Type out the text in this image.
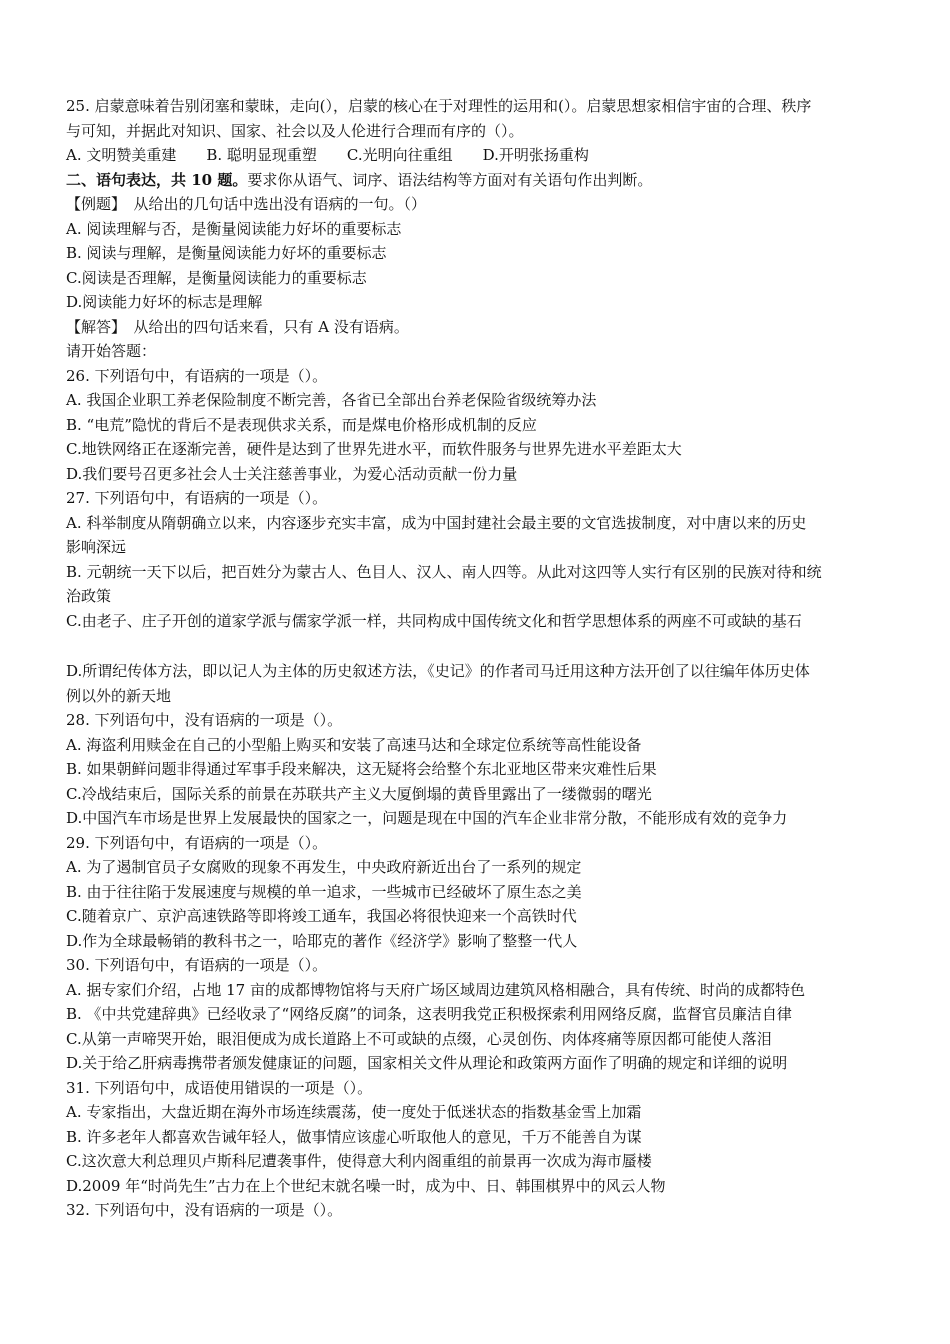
25. 启蒙意味着告别闭塞和蒙昧，走向(），启蒙的核心在于对理性的运用和(）。启蒙思想家相信宇宙的合理、秩序

与可知，并据此对知识、国家、社会以及人伦进行合理而有序的（）。

A. 文明赞美重建　　B. 聪明显现重塑　　C.光明向往重组　　D.开明张扬重构

二、语句表达，共 10 题。要求你从语气、词序、语法结构等方面对有关语句作出判断。

【例题】　从给出的几句话中选出没有语病的一句。（）

A. 阅读理解与否，是衡量阅读能力好坏的重要标志

B. 阅读与理解，是衡量阅读能力好坏的重要标志

C.阅读是否理解，是衡量阅读能力的重要标志

D.阅读能力好坏的标志是理解

【解答】　从给出的四句话来看，只有 A 没有语病。

请开始答题：

26. 下列语句中，有语病的一项是（）。

A. 我国企业职工养老保险制度不断完善，各省已全部出台养老保险省级统筹办法

B. “电荒”隐忧的背后不是表现供求关系，而是煤电价格形成机制的反应

C.地铁网络正在逐渐完善，硬件是达到了世界先进水平，而软件服务与世界先进水平差距太大

D.我们要号召更多社会人士关注慈善事业，为爱心活动贡献一份力量

27. 下列语句中，有语病的一项是（）。

A. 科举制度从隋朝确立以来，内容逐步充实丰富，成为中国封建社会最主要的文官选拔制度，对中唐以来的历史

影响深远

B. 元朝统一天下以后，把百姓分为蒙古人、色目人、汉人、南人四等。从此对这四等人实行有区别的民族对待和统

治政策

C.由老子、庄子开创的道家学派与儒家学派一样，共同构成中国传统文化和哲学思想体系的两座不可或缺的基石

D.所谓纪传体方法，即以记人为主体的历史叙述方法，《史记》的作者司马迁用这种方法开创了以往编年体历史体

例以外的新天地

28. 下列语句中，没有语病的一项是（）。

A. 海盗利用赎金在自己的小型船上购买和安装了高速马达和全球定位系统等高性能设备

B. 如果朝鲜问题非得通过军事手段来解决，这无疑将会给整个东北亚地区带来灾难性后果

C.冷战结束后，国际关系的前景在苏联共产主义大厦倒塌的黄昏里露出了一缕微弱的曙光

D.中国汽车市场是世界上发展最快的国家之一，问题是现在中国的汽车企业非常分散，不能形成有效的竞争力

29. 下列语句中，有语病的一项是（）。

A. 为了遏制官员子女腐败的现象不再发生，中央政府新近出台了一系列的规定

B. 由于往往陷于发展速度与规模的单一追求，一些城市已经破坏了原生态之美

C.随着京广、京沪高速铁路等即将竣工通车，我国必将很快迎来一个高铁时代

D.作为全球最畅销的教科书之一，哈耶克的著作《经济学》影响了整整一代人

30. 下列语句中，有语病的一项是（）。

A. 据专家们介绍，占地 17 亩的成都博物馆将与天府广场区域周边建筑风格相融合，具有传统、时尚的成都特色

B. 《中共党建辞典》已经收录了“网络反腐”的词条，这表明我党正积极探索利用网络反腐，监督官员廉洁自律

C.从第一声啼哭开始，眼泪便成为成长道路上不可或缺的点缀，心灵创伤、肉体疼痛等原因都可能使人落泪

D.关于给乙肝病毒携带者颁发健康证的问题，国家相关文件从理论和政策两方面作了明确的规定和详细的说明

31. 下列语句中，成语使用错误的一项是（）。

A. 专家指出，大盘近期在海外市场连续震荡，使一度处于低迷状态的指数基金雪上加霜

B. 许多老年人都喜欢告诫年轻人，做事情应该虚心听取他人的意见，千万不能善自为谋

C.这次意大利总理贝卢斯科尼遭袭事件，使得意大利内阁重组的前景再一次成为海市蜃楼

D.2009 年“时尚先生”古力在上个世纪末就名噪一时，成为中、日、韩围棋界中的风云人物

32. 下列语句中，没有语病的一项是（）。
